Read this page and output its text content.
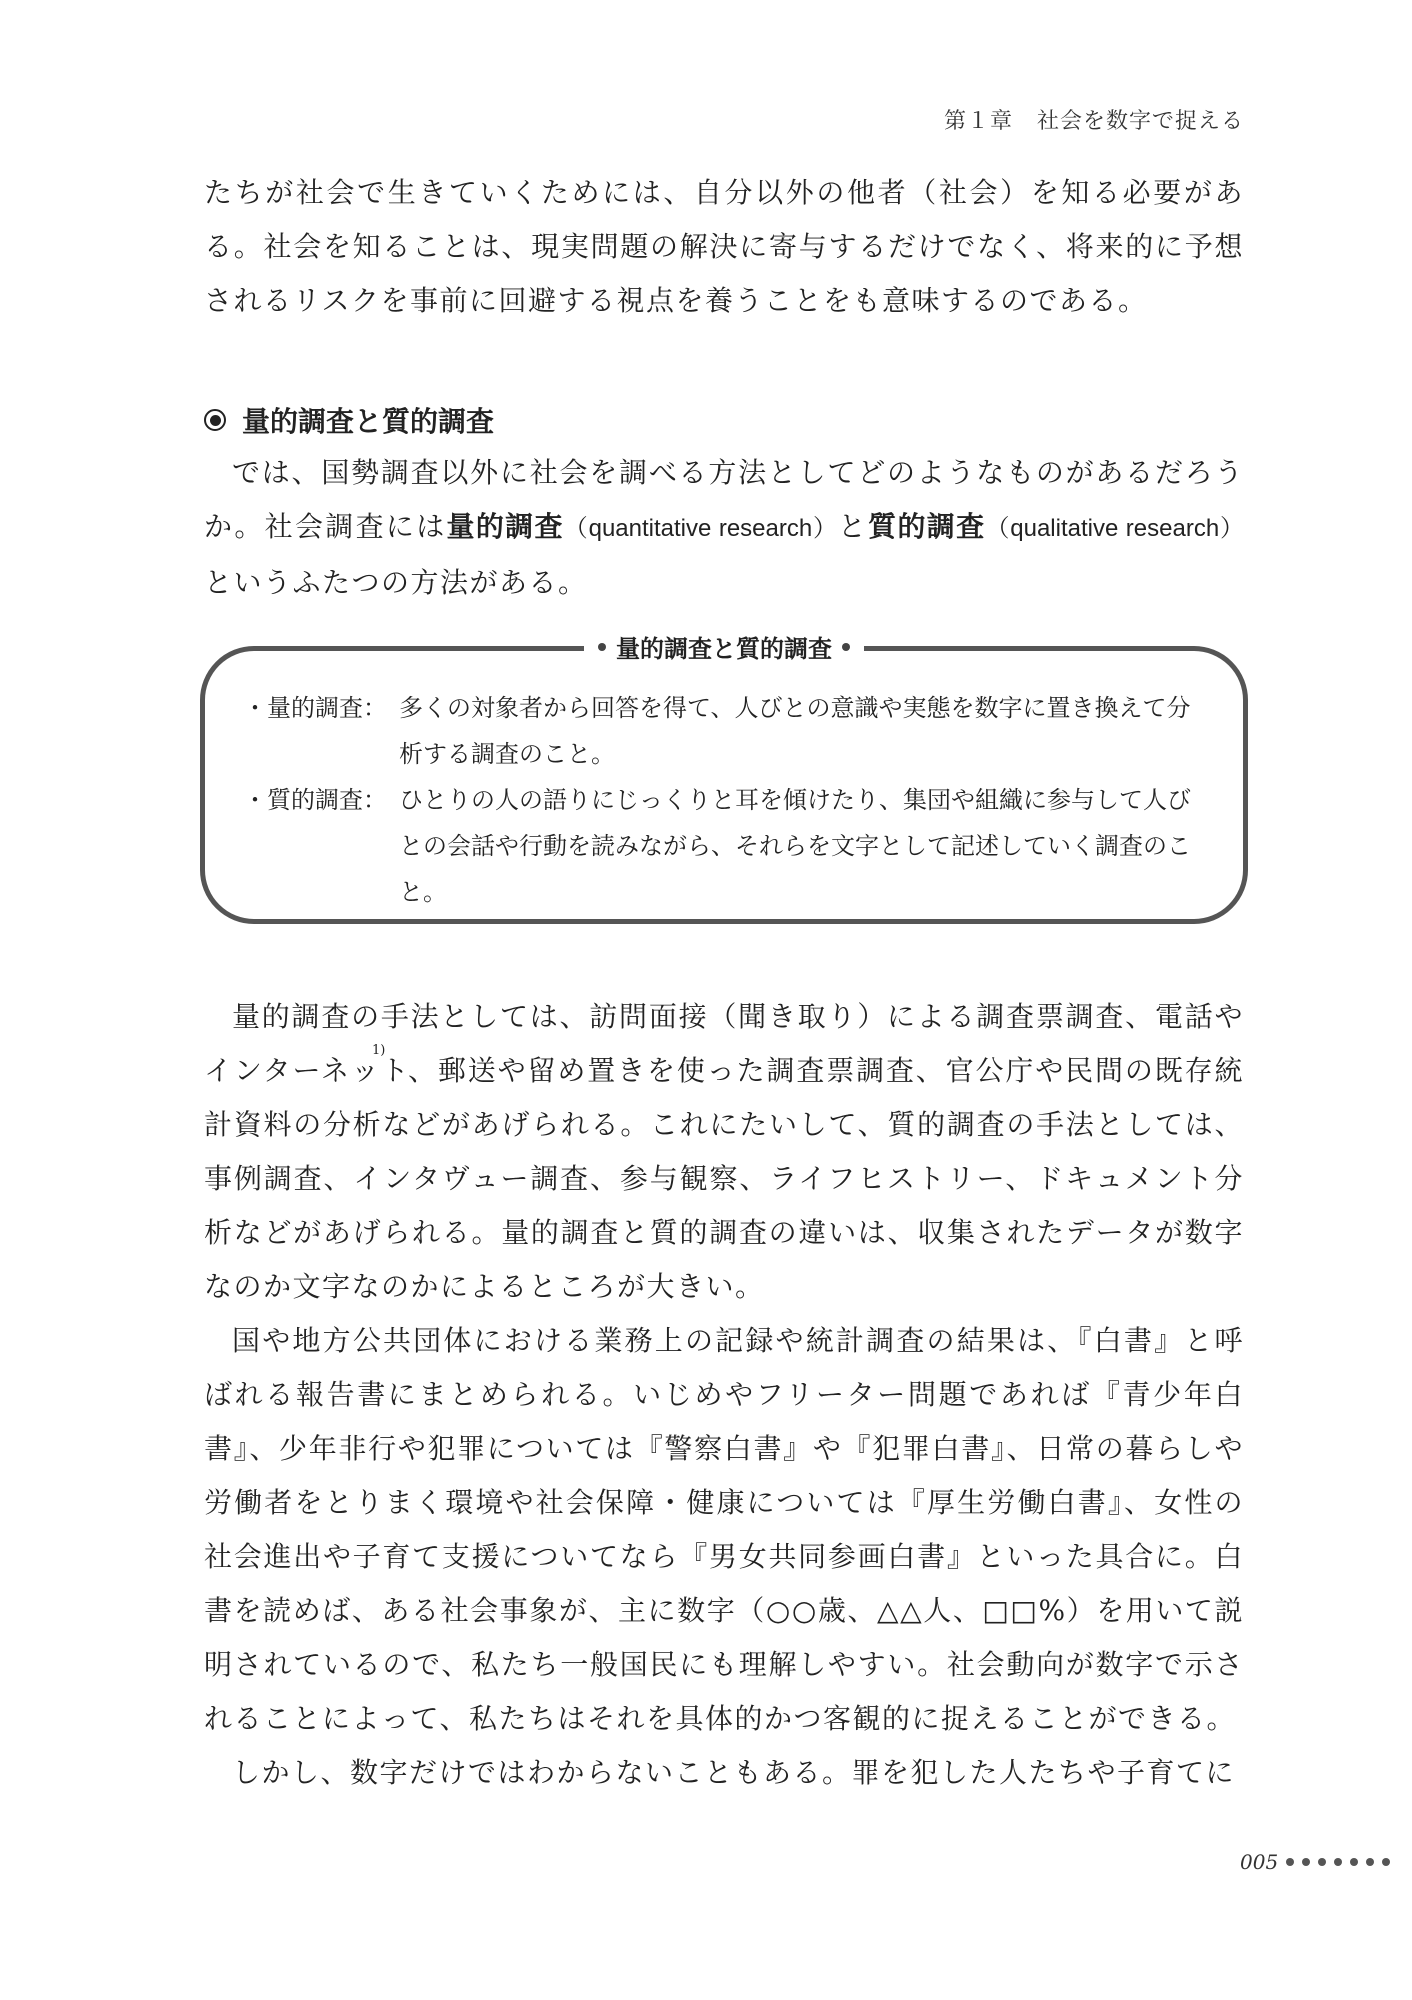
第１章 社会を数字で捉える

たちが社会で生きていくためには、自分以外の他者（社会）を知る必要がある。社会を知ることは、現実問題の解決に寄与するだけでなく、将来的に予想されるリスクを事前に回避する視点を養うことをも意味するのである。

量的調査と質的調査

では、国勢調査以外に社会を調べる方法としてどのようなものがあるだろうか。社会調査には量的調査（quantitative research）と質的調査（qualitative research）というふたつの方法がある。

量的調査と質的調査
・量的調査： 多くの対象者から回答を得て、人びとの意識や実態を数字に置き換えて分析する調査のこと。
・質的調査： ひとりの人の語りにじっくりと耳を傾けたり、集団や組織に参与して人びとの会話や行動を読みながら、それらを文字として記述していく調査のこと。
1)

量的調査の手法としては、訪問面接（聞き取り）による調査票調査、電話やインターネット、郵送や留め置きを使った調査票調査、官公庁や民間の既存統計資料の分析などがあげられる。これにたいして、質的調査の手法としては、事例調査、インタヴュー調査、参与観察、ライフヒストリー、ドキュメント分析などがあげられる。量的調査と質的調査の違いは、収集されたデータが数字なのか文字なのかによるところが大きい。

国や地方公共団体における業務上の記録や統計調査の結果は、『白書』と呼ばれる報告書にまとめられる。いじめやフリーター問題であれば『青少年白書』、少年非行や犯罪については『警察白書』や『犯罪白書』、日常の暮らしや労働者をとりまく環境や社会保障・健康については『厚生労働白書』、女性の社会進出や子育て支援についてなら『男女共同参画白書』といった具合に。白書を読めば、ある社会事象が、主に数字（○○歳、△△人、□□%）を用いて説明されているので、私たち一般国民にも理解しやすい。社会動向が数字で示されることによって、私たちはそれを具体的かつ客観的に捉えることができる。

しかし、数字だけではわからないこともある。罪を犯した人たちや子育てに

005
